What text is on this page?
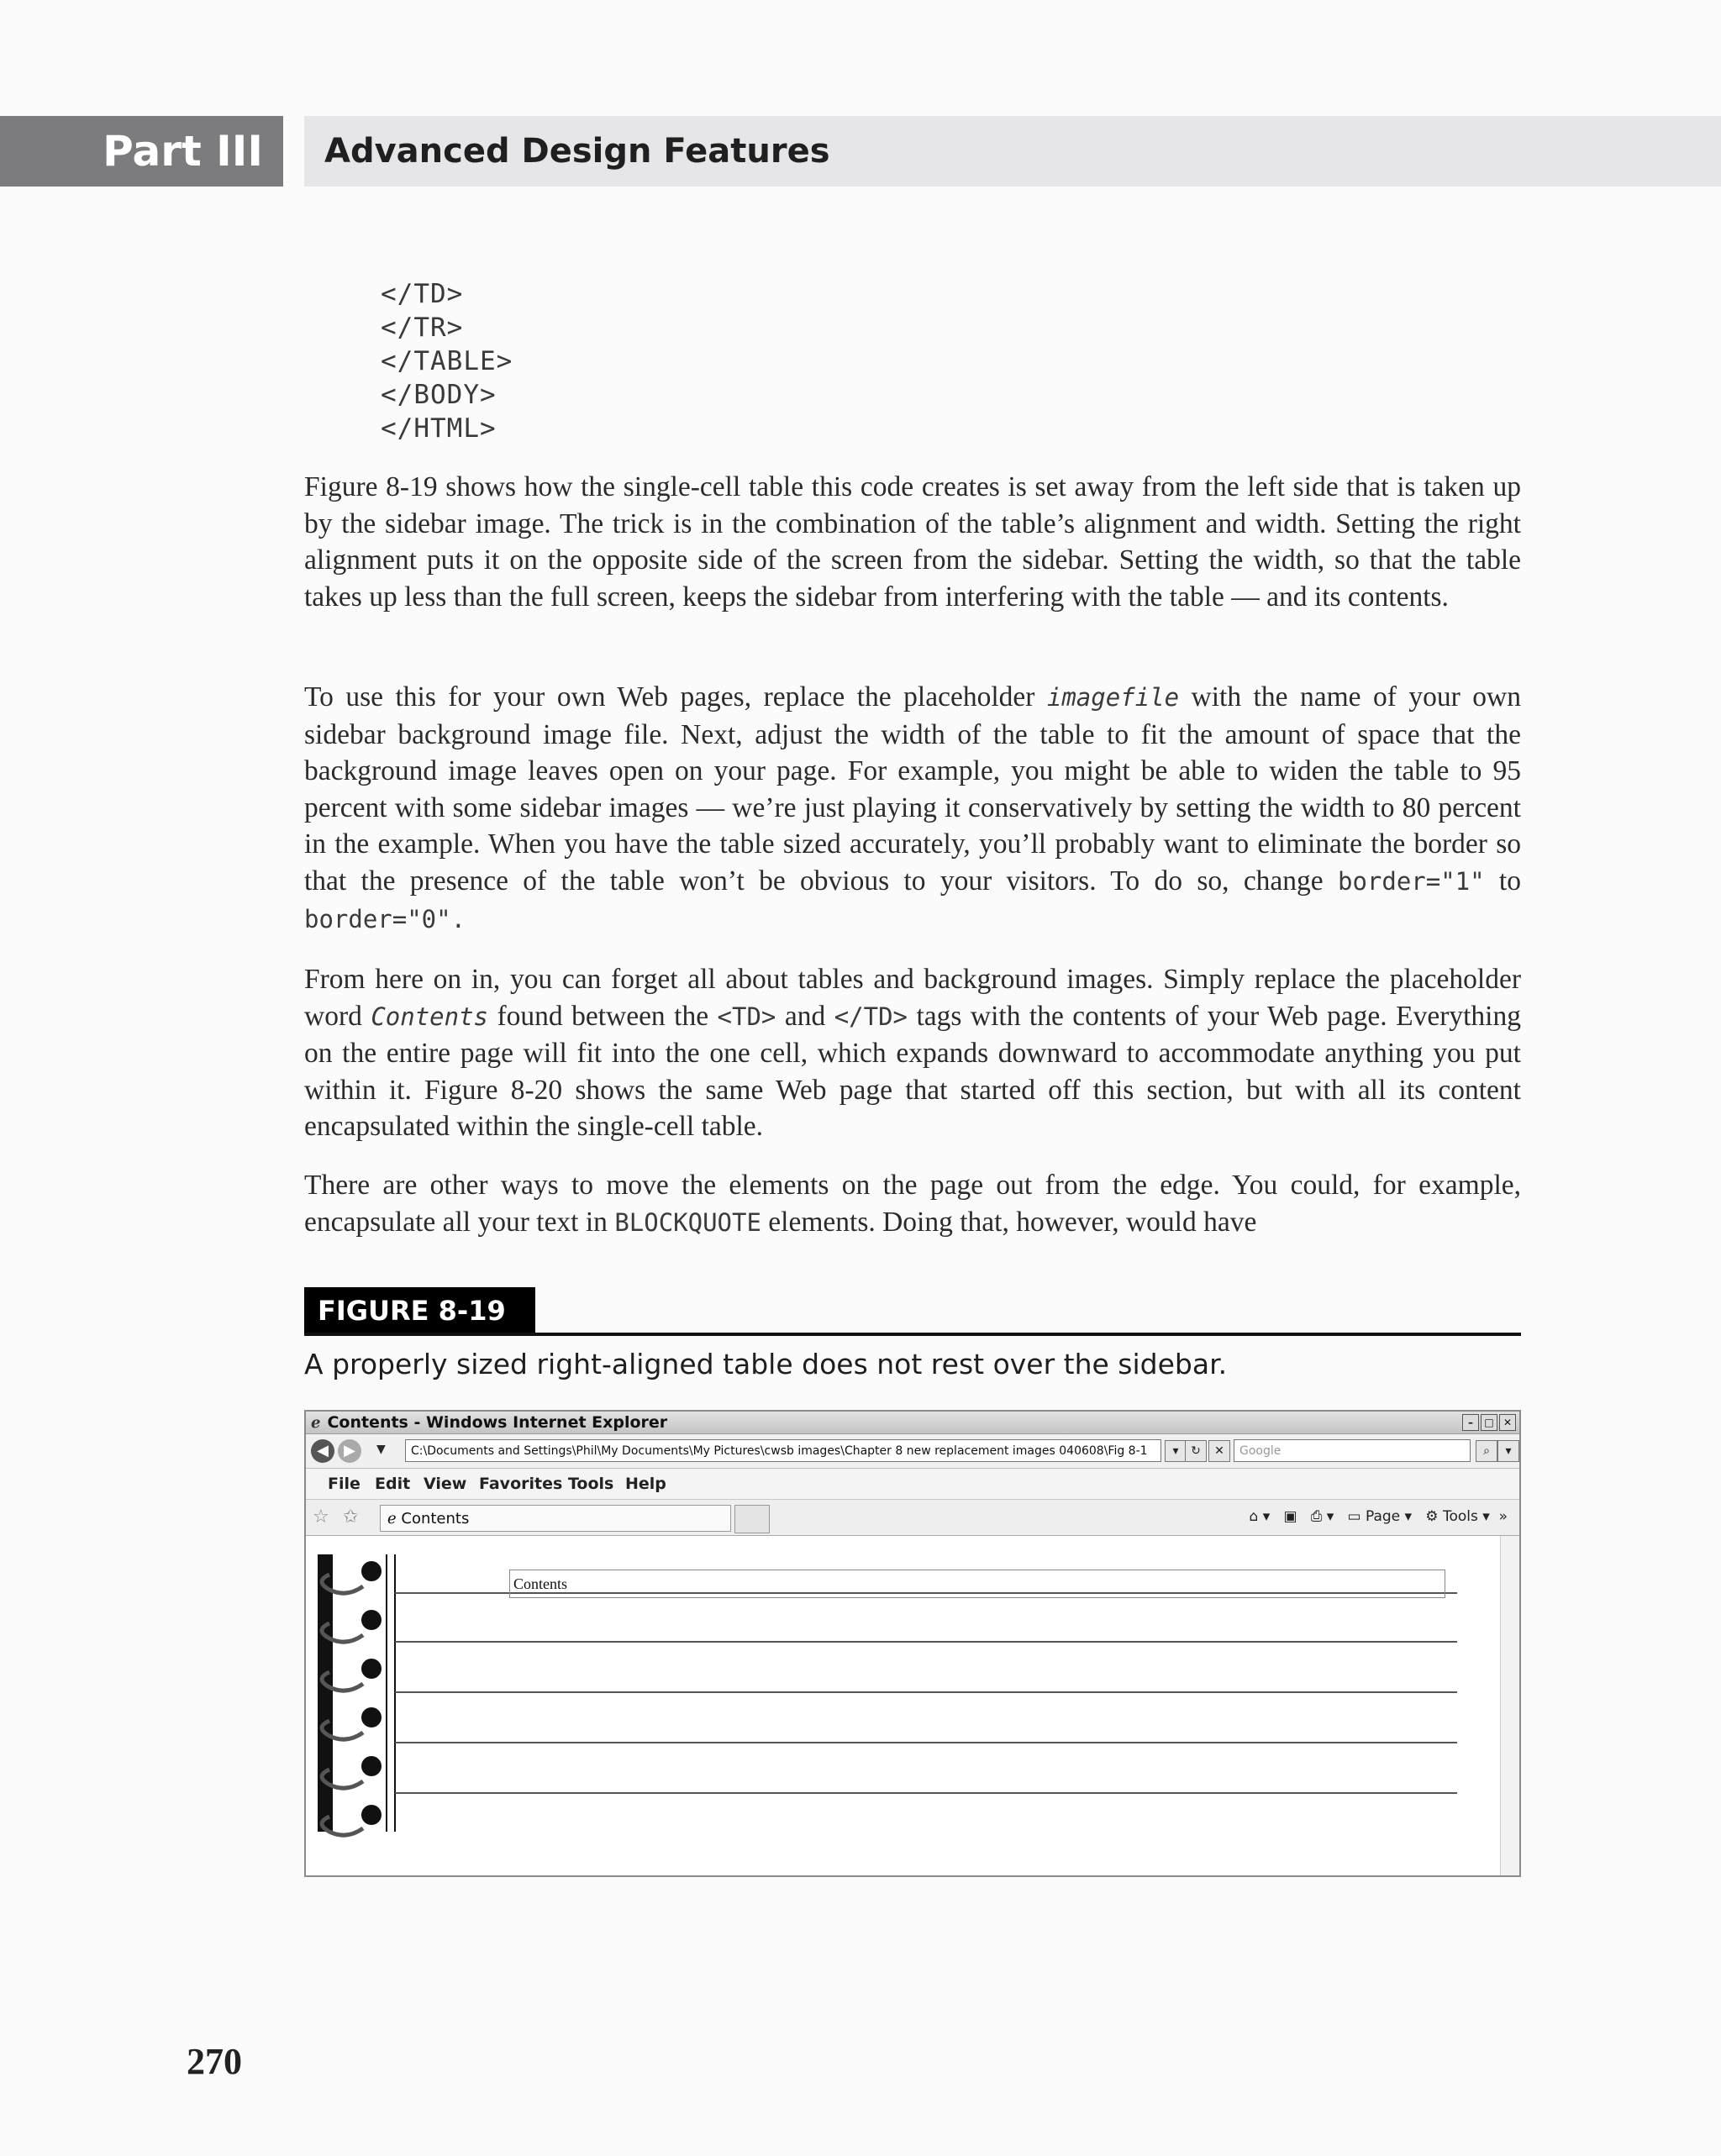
Part III	Advanced Design Features
</TD>
</TR>
</TABLE>
</BODY>
</HTML>

Figure 8-19 shows how the single-cell table this code creates is set away from the left side that is taken up by the sidebar image. The trick is in the combination of the table’s alignment and width. Setting the right alignment puts it on the opposite side of the screen from the sidebar. Setting the width, so that the table takes up less than the full screen, keeps the sidebar from interfering with the table — and its contents.

To use this for your own Web pages, replace the placeholder imagefile with the name of your own sidebar background image file. Next, adjust the width of the table to fit the amount of space that the background image leaves open on your page. For example, you might be able to widen the table to 95 percent with some sidebar images — we’re just playing it conservatively by setting the width to 80 percent in the example. When you have the table sized accurately, you’ll probably want to eliminate the border so that the presence of the table won’t be obvious to your visitors. To do so, change border="1" to border="0".

From here on in, you can forget all about tables and background images. Simply replace the placeholder word Contents found between the <TD> and </TD> tags with the contents of your Web page. Everything on the entire page will fit into the one cell, which expands downward to accommodate anything you put within it. Figure 8-20 shows the same Web page that started off this section, but with all its content encapsulated within the single-cell table.

There are other ways to move the elements on the page out from the edge. You could, for example, encapsulate all your text in BLOCKQUOTE elements. Doing that, however, would have

FIGURE 8-19
A properly sized right-aligned table does not rest over the sidebar.
ℯ Contents - Windows Internet Explorer	–	□ ✕
◀	▶	▼	C:\Documents and Settings\Phil\My Documents\My Pictures\cwsb images\Chapter 8 new replacement images 040608\Fig 8-1	▾	↻	✕	Google	⌕	▾
File Edit View Favorites Tools Help
☆ ✩	ℯ Contents	⌂ ▾ ▣ ⎙ ▾ ▭ Page ▾ ⚙ Tools ▾ »
Contents
270
